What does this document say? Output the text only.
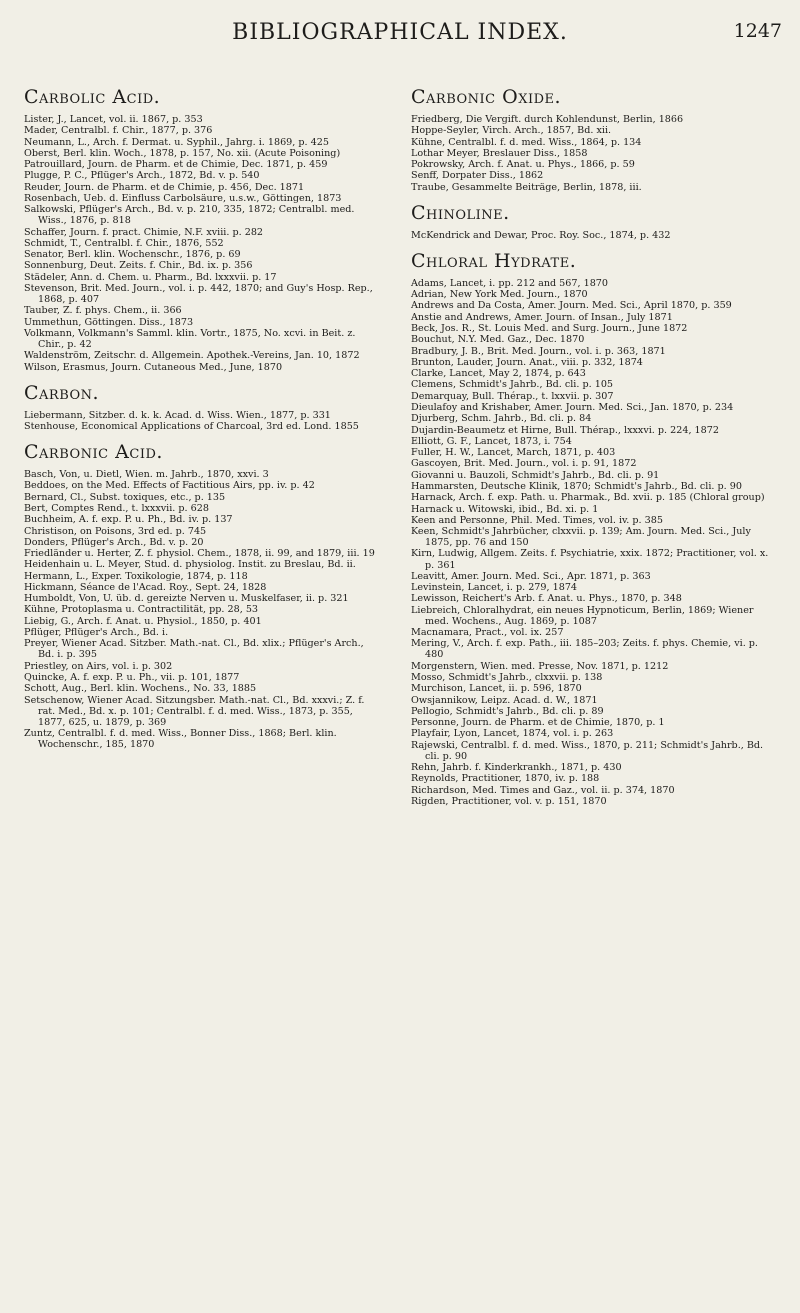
BIBLIOGRAPHICAL INDEX.	1247
Carbolic Acid.
Lister, J., Lancet, vol. ii. 1867, p. 353
Mader, Centralbl. f. Chir., 1877, p. 376
Neumann, L., Arch. f. Dermat. u. Syphil., Jahrg. i. 1869, p. 425
Oberst, Berl. klin. Woch., 1878, p. 157, No. xii. (Acute Poisoning)
Patrouillard, Journ. de Pharm. et de Chimie, Dec. 1871, p. 459
Plugge, P. C., Pflüger's Arch., 1872, Bd. v. p. 540
Reuder, Journ. de Pharm. et de Chimie, p. 456, Dec. 1871
Rosenbach, Ueb. d. Einfluss Carbolsäure, u.s.w., Göttingen, 1873
Salkowski, Pflüger's Arch., Bd. v. p. 210, 335, 1872; Centralbl. med. Wiss., 1876, p. 818
Schaffer, Journ. f. pract. Chimie, N.F. xviii. p. 282
Schmidt, T., Centralbl. f. Chir., 1876, 552
Senator, Berl. klin. Wochenschr., 1876, p. 69
Sonnenburg, Deut. Zeits. f. Chir., Bd. ix. p. 356
Städeler, Ann. d. Chem. u. Pharm., Bd. lxxxvii. p. 17
Stevenson, Brit. Med. Journ., vol. i. p. 442, 1870; and Guy's Hosp. Rep., 1868, p. 407
Tauber, Z. f. phys. Chem., ii. 366
Ummethun, Göttingen. Diss., 1873
Volkmann, Volkmann's Samml. klin. Vortr., 1875, No. xcvi. in Beit. z. Chir., p. 42
Waldenström, Zeitschr. d. Allgemein. Apothek.-Vereins, Jan. 10, 1872
Wilson, Erasmus, Journ. Cutaneous Med., June, 1870
Carbon.
Liebermann, Sitzber. d. k. k. Acad. d. Wiss. Wien., 1877, p. 331
Stenhouse, Economical Applications of Charcoal, 3rd ed. Lond. 1855
Carbonic Acid.
Basch, Von, u. Dietl, Wien. m. Jahrb., 1870, xxvi. 3
Beddoes, on the Med. Effects of Factitious Airs, pp. iv. p. 42
Bernard, Cl., Subst. toxiques, etc., p. 135
Bert, Comptes Rend., t. lxxxvii. p. 628
Buchheim, A. f. exp. P. u. Ph., Bd. iv. p. 137
Christison, on Poisons, 3rd ed. p. 745
Donders, Pflüger's Arch., Bd. v. p. 20
Friedländer u. Herter, Z. f. physiol. Chem., 1878, ii. 99, and 1879, iii. 19
Heidenhain u. L. Meyer, Stud. d. physiolog. Instit. zu Breslau, Bd. ii.
Hermann, L., Exper. Toxikologie, 1874, p. 118
Hickmann, Séance de l'Acad. Roy., Sept. 24, 1828
Humboldt, Von, U. üb. d. gereizte Nerven u. Muskelfaser, ii. p. 321
Kühne, Protoplasma u. Contractilität, pp. 28, 53
Liebig, G., Arch. f. Anat. u. Physiol., 1850, p. 401
Pflüger, Pflüger's Arch., Bd. i.
Preyer, Wiener Acad. Sitzber. Math.-nat. Cl., Bd. xlix.; Pflüger's Arch., Bd. i. p. 395
Priestley, on Airs, vol. i. p. 302
Quincke, A. f. exp. P. u. Ph., vii. p. 101, 1877
Schott, Aug., Berl. klin. Wochens., No. 33, 1885
Setschenow, Wiener Acad. Sitzungsber. Math.-nat. Cl., Bd. xxxvi.; Z. f. rat. Med., Bd. x. p. 101; Centralbl. f. d. med. Wiss., 1873, p. 355, 1877, 625, u. 1879, p. 369
Zuntz, Centralbl. f. d. med. Wiss., Bonner Diss., 1868; Berl. klin. Wochenschr., 185, 1870
Carbonic Oxide.
Friedberg, Die Vergift. durch Kohlendunst, Berlin, 1866
Hoppe-Seyler, Virch. Arch., 1857, Bd. xii.
Kühne, Centralbl. f. d. med. Wiss., 1864, p. 134
Lothar Meyer, Breslauer Diss., 1858
Pokrowsky, Arch. f. Anat. u. Phys., 1866, p. 59
Senff, Dorpater Diss., 1862
Traube, Gesammelte Beiträge, Berlin, 1878, iii.
Chinoline.
McKendrick and Dewar, Proc. Roy. Soc., 1874, p. 432
Chloral Hydrate.
Adams, Lancet, i. pp. 212 and 567, 1870
Adrian, New York Med. Journ., 1870
Andrews and Da Costa, Amer. Journ. Med. Sci., April 1870, p. 359
Anstie and Andrews, Amer. Journ. of Insan., July 1871
Beck, Jos. R., St. Louis Med. and Surg. Journ., June 1872
Bouchut, N.Y. Med. Gaz., Dec. 1870
Bradbury, J. B., Brit. Med. Journ., vol. i. p. 363, 1871
Brunton, Lauder, Journ. Anat., viii. p. 332, 1874
Clarke, Lancet, May 2, 1874, p. 643
Clemens, Schmidt's Jahrb., Bd. cli. p. 105
Demarquay, Bull. Thérap., t. lxxvii. p. 307
Dieulafoy and Krishaber, Amer. Journ. Med. Sci., Jan. 1870, p. 234
Djurberg, Schm. Jahrb., Bd. cli. p. 84
Dujardin-Beaumetz et Hirne, Bull. Thérap., lxxxvi. p. 224, 1872
Elliott, G. F., Lancet, 1873, i. 754
Fuller, H. W., Lancet, March, 1871, p. 403
Gascoyen, Brit. Med. Journ., vol. i. p. 91, 1872
Giovanni u. Bauzoli, Schmidt's Jahrb., Bd. cli. p. 91
Hammarsten, Deutsche Klinik, 1870; Schmidt's Jahrb., Bd. cli. p. 90
Harnack, Arch. f. exp. Path. u. Pharmak., Bd. xvii. p. 185 (Chloral group)
Harnack u. Witowski, ibid., Bd. xi. p. 1
Keen and Personne, Phil. Med. Times, vol. iv. p. 385
Keen, Schmidt's Jahrbücher, clxxvii. p. 139; Am. Journ. Med. Sci., July 1875, pp. 76 and 150
Kirn, Ludwig, Allgem. Zeits. f. Psychiatrie, xxix. 1872; Practitioner, vol. x. p. 361
Leavitt, Amer. Journ. Med. Sci., Apr. 1871, p. 363
Levinstein, Lancet, i. p. 279, 1874
Lewisson, Reichert's Arb. f. Anat. u. Phys., 1870, p. 348
Liebreich, Chloralhydrat, ein neues Hypnoticum, Berlin, 1869; Wiener med. Wochens., Aug. 1869, p. 1087
Macnamara, Pract., vol. ix. 257
Mering, V., Arch. f. exp. Path., iii. 185–203; Zeits. f. phys. Chemie, vi. p. 480
Morgenstern, Wien. med. Presse, Nov. 1871, p. 1212
Mosso, Schmidt's Jahrb., clxxvii. p. 138
Murchison, Lancet, ii. p. 596, 1870
Owsjannikow, Leipz. Acad. d. W., 1871
Pellogio, Schmidt's Jahrb., Bd. cli. p. 89
Personne, Journ. de Pharm. et de Chimie, 1870, p. 1
Playfair, Lyon, Lancet, 1874, vol. i. p. 263
Rajewski, Centralbl. f. d. med. Wiss., 1870, p. 211; Schmidt's Jahrb., Bd. cli. p. 90
Rehn, Jahrb. f. Kinderkrankh., 1871, p. 430
Reynolds, Practitioner, 1870, iv. p. 188
Richardson, Med. Times and Gaz., vol. ii. p. 374, 1870
Rigden, Practitioner, vol. v. p. 151, 1870
